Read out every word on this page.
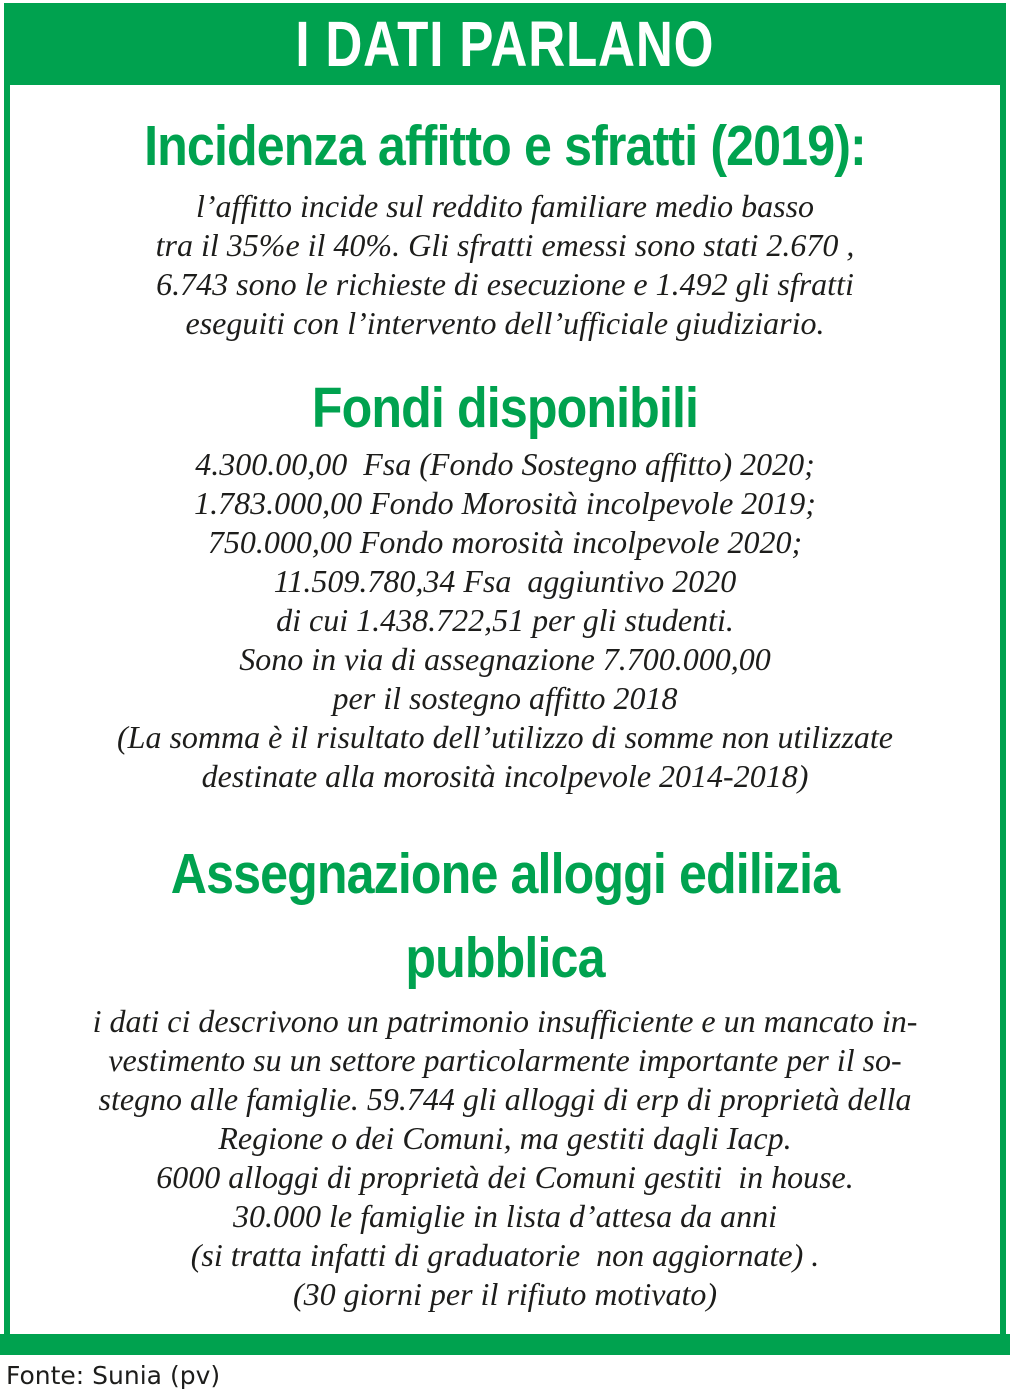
I DATI PARLANO
Incidenza affitto e sfratti (2019):
l’affitto incide sul reddito familiare medio basso
tra il 35%e il 40%. Gli sfratti emessi sono stati 2.670 ,
6.743 sono le richieste di esecuzione e 1.492 gli sfratti
eseguiti con l’intervento dell’ufficiale giudiziario.
Fondi disponibili
4.300.00,00  Fsa (Fondo Sostegno affitto) 2020;
1.783.000,00 Fondo Morosità incolpevole 2019;
750.000,00 Fondo morosità incolpevole 2020;
11.509.780,34 Fsa  aggiuntivo 2020
di cui 1.438.722,51 per gli studenti.
Sono in via di assegnazione 7.700.000,00
per il sostegno affitto 2018
(La somma è il risultato dell’utilizzo di somme non utilizzate
destinate alla morosità incolpevole 2014-2018)
Assegnazione alloggi edilizia
pubblica
i dati ci descrivono un patrimonio insufficiente e un mancato in-
vestimento su un settore particolarmente importante per il so-
stegno alle famiglie. 59.744 gli alloggi di erp di proprietà della
Regione o dei Comuni, ma gestiti dagli Iacp.
6000 alloggi di proprietà dei Comuni gestiti  in house.
30.000 le famiglie in lista d’attesa da anni
(si tratta infatti di graduatorie  non aggiornate) .
(30 giorni per il rifiuto motivato)
Fonte: Sunia (pv)
